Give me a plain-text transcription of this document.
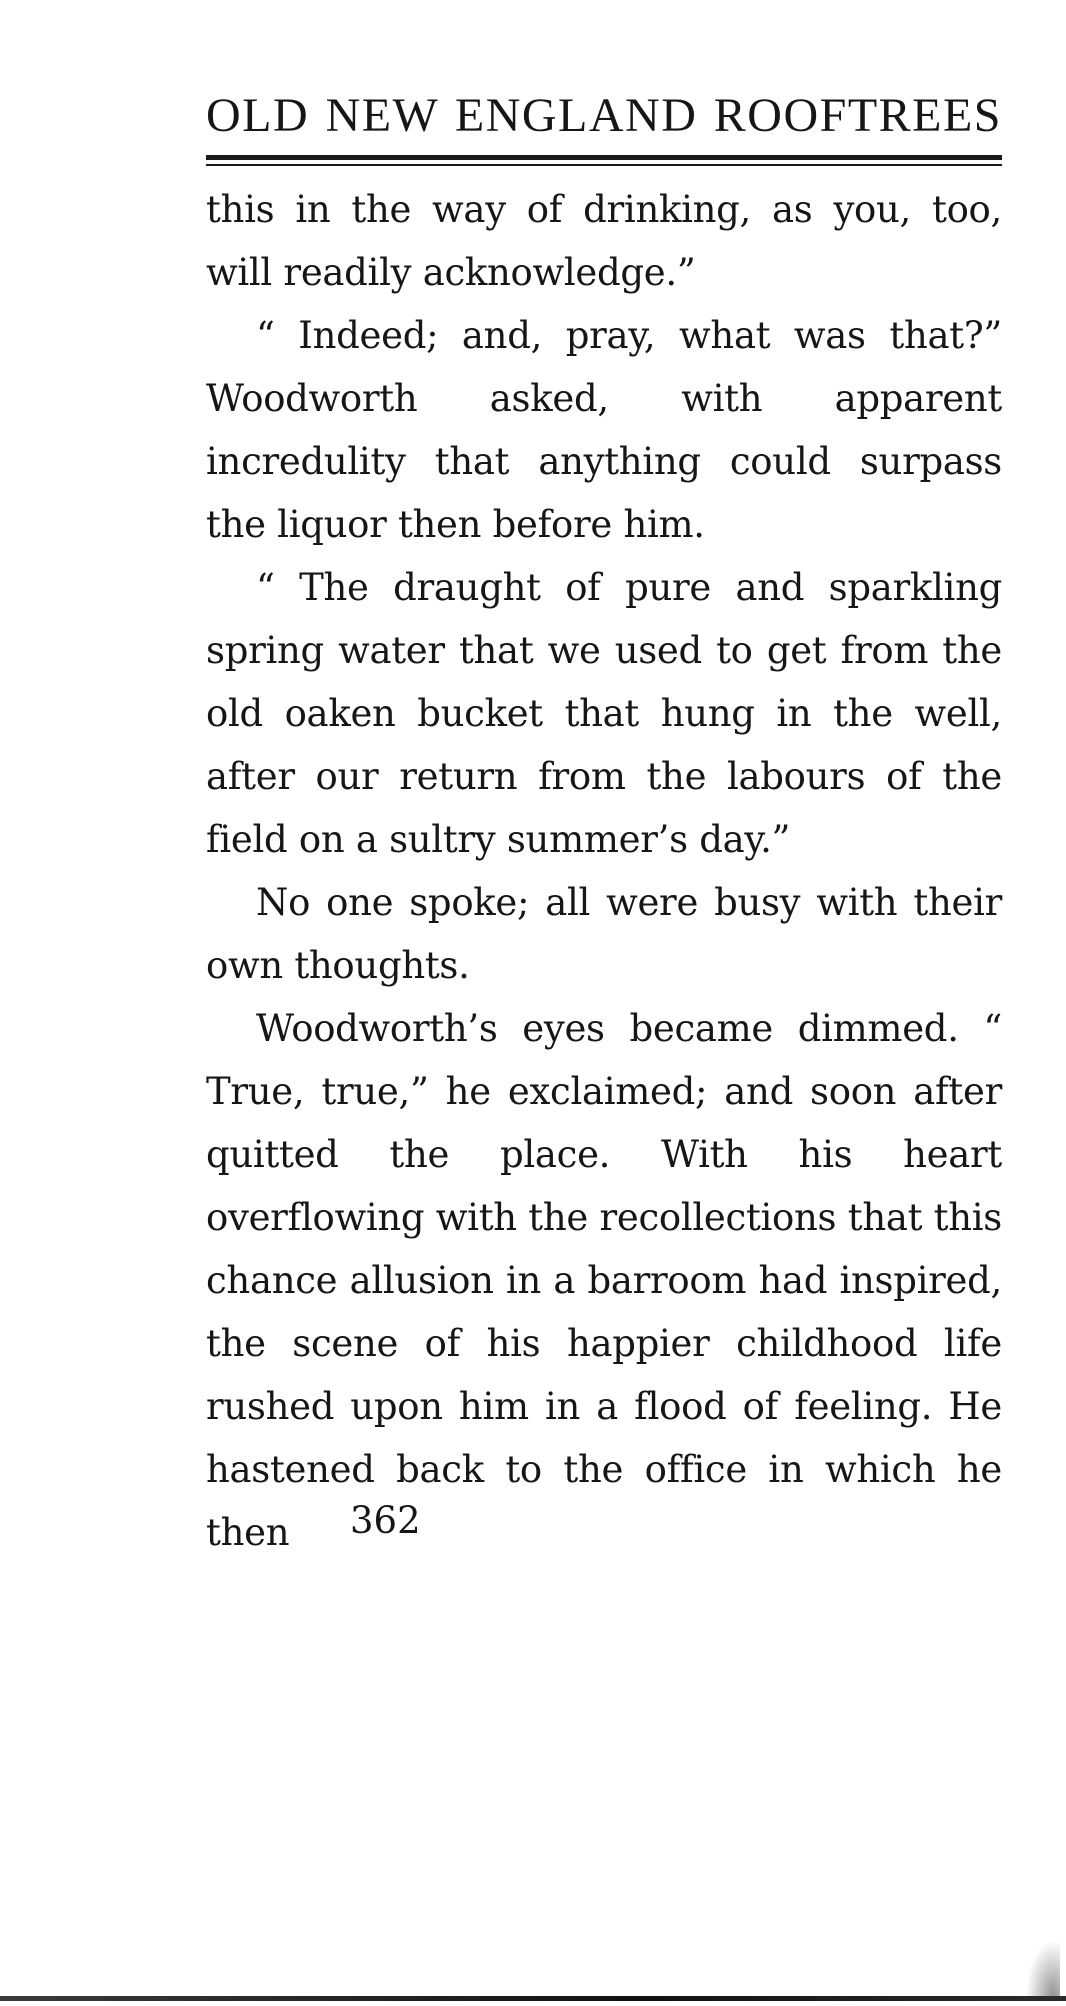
OLD NEW ENGLAND ROOFTREES

this in the way of drinking, as you, too, will readily acknowledge.”

“ Indeed; and, pray, what was that?” Woodworth asked, with apparent incredulity that anything could surpass the liquor then before him.

“ The draught of pure and sparkling spring water that we used to get from the old oaken bucket that hung in the well, after our return from the labours of the field on a sultry summer’s day.”

No one spoke; all were busy with their own thoughts.

Woodworth’s eyes became dimmed. “ True, true,” he exclaimed; and soon after quitted the place. With his heart overflowing with the recollections that this chance allusion in a barroom had inspired, the scene of his happier childhood life rushed upon him in a flood of feeling. He hastened back to the office in which he then	362
